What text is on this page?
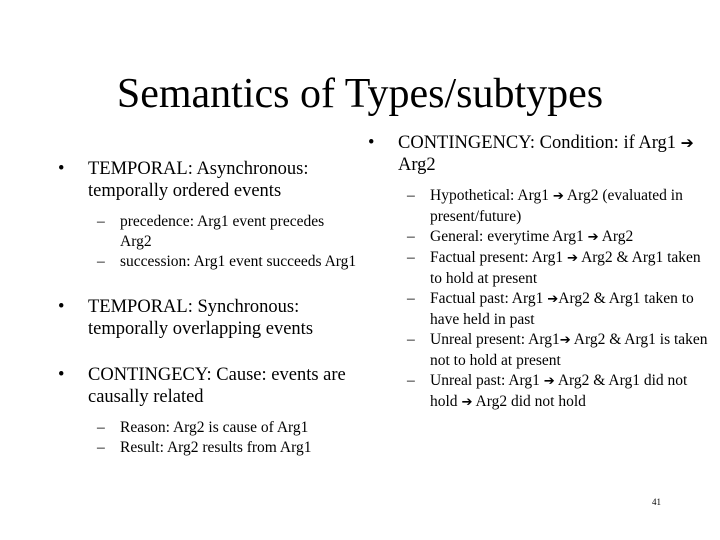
Semantics of Types/subtypes
•	TEMPORAL: Asynchronous: temporally ordered events
– precedence: Arg1 event precedes Arg2
– succession: Arg1 event succeeds Arg1
•	TEMPORAL: Synchronous: temporally overlapping events
•	CONTINGECY: Cause: events are causally related
– Reason: Arg2 is cause of Arg1
– Result: Arg2 results from Arg1
•	CONTINGENCY: Condition: if Arg1 ➔ Arg2
– Hypothetical: Arg1 ➔ Arg2 (evaluated in present/future)
– General: everytime Arg1 ➔ Arg2
– Factual present: Arg1 ➔ Arg2 & Arg1 taken to hold at present
– Factual past: Arg1 ➔Arg2 & Arg1 taken to have held in past
– Unreal present: Arg1➔ Arg2 & Arg1 is taken not to hold at present
– Unreal past: Arg1 ➔ Arg2 & Arg1 did not hold ➔ Arg2 did not hold
41
